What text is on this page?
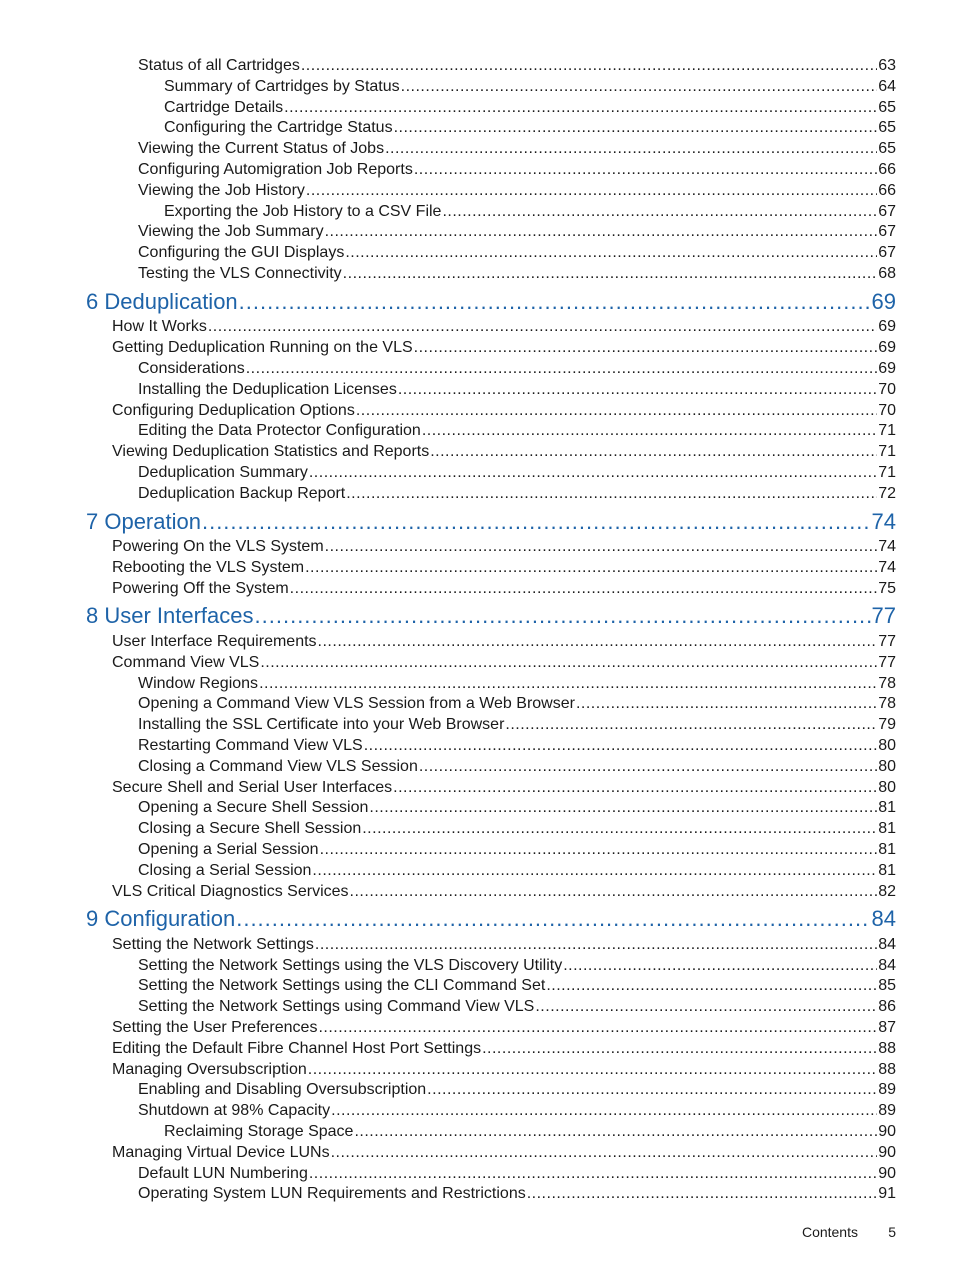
Status of all Cartridges .....	63
Summary of Cartridges by Status .....	64
Cartridge Details .....	65
Configuring the Cartridge Status .....	65
Viewing the Current Status of Jobs .....	65
Configuring Automigration Job Reports .....	66
Viewing the Job History .....	66
Exporting the Job History to a CSV File .....	67
Viewing the Job Summary .....	67
Configuring the GUI Displays .....	67
Testing the VLS Connectivity .....	68
6 Deduplication .....	69
How It Works .....	69
Getting Deduplication Running on the VLS .....	69
Considerations .....	69
Installing the Deduplication Licenses .....	70
Configuring Deduplication Options .....	70
Editing the Data Protector Configuration .....	71
Viewing Deduplication Statistics and Reports .....	71
Deduplication Summary .....	71
Deduplication Backup Report .....	72
7 Operation .....	74
Powering On the VLS System .....	74
Rebooting the VLS System .....	74
Powering Off the System .....	75
8 User Interfaces .....	77
User Interface Requirements .....	77
Command View VLS .....	77
Window Regions .....	78
Opening a Command View VLS Session from a Web Browser .....	78
Installing the SSL Certificate into your Web Browser .....	79
Restarting Command View VLS .....	80
Closing a Command View VLS Session .....	80
Secure Shell and Serial User Interfaces .....	80
Opening a Secure Shell Session .....	81
Closing a Secure Shell Session .....	81
Opening a Serial Session .....	81
Closing a Serial Session .....	81
VLS Critical Diagnostics Services .....	82
9 Configuration .....	84
Setting the Network Settings .....	84
Setting the Network Settings using the VLS Discovery Utility .....	84
Setting the Network Settings using the CLI Command Set .....	85
Setting the Network Settings using Command View VLS .....	86
Setting the User Preferences .....	87
Editing the Default Fibre Channel Host Port Settings .....	88
Managing Oversubscription .....	88
Enabling and Disabling Oversubscription .....	89
Shutdown at 98% Capacity .....	89
Reclaiming Storage Space .....	90
Managing Virtual Device LUNs .....	90
Default LUN Numbering .....	90
Operating System LUN Requirements and Restrictions .....	91
Contents 5
